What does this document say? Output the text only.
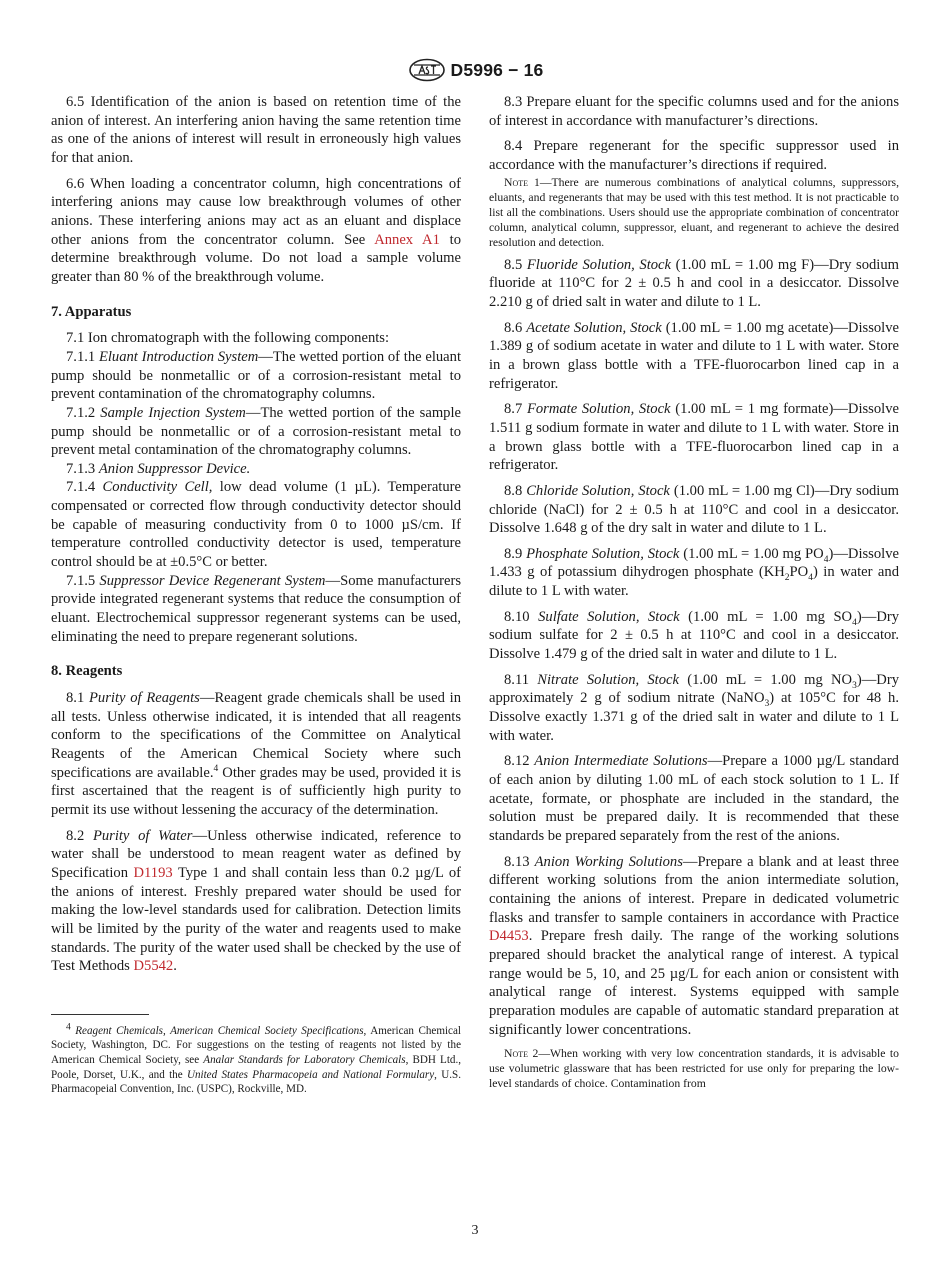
D5996 − 16

6.5 Identification of the anion is based on retention time of the anion of interest. An interfering anion having the same retention time as one of the anions of interest will result in erroneously high values for that anion.

6.6 When loading a concentrator column, high concentrations of interfering anions may cause low breakthrough volumes of other anions. These interfering anions may act as an eluant and displace other anions from the concentrator column. See Annex A1 to determine breakthrough volume. Do not load a sample volume greater than 80 % of the breakthrough volume.

7. Apparatus

7.1 Ion chromatograph with the following components:

7.1.1 Eluant Introduction System—The wetted portion of the eluant pump should be nonmetallic or of a corrosion-resistant metal to prevent contamination of the chromatography columns.

7.1.2 Sample Injection System—The wetted portion of the sample pump should be nonmetallic or of a corrosion-resistant metal to prevent metal contamination of the chromatography columns.

7.1.3 Anion Suppressor Device.

7.1.4 Conductivity Cell, low dead volume (1 µL). Temperature compensated or corrected flow through conductivity detector should be capable of measuring conductivity from 0 to 1000 µS/cm. If temperature controlled conductivity detector is used, temperature control should be at ±0.5°C or better.

7.1.5 Suppressor Device Regenerant System—Some manufacturers provide integrated regenerant systems that reduce the consumption of eluant. Electrochemical suppressor regenerant systems can be used, eliminating the need to prepare regenerant solutions.

8. Reagents

8.1 Purity of Reagents—Reagent grade chemicals shall be used in all tests. Unless otherwise indicated, it is intended that all reagents conform to the specifications of the Committee on Analytical Reagents of the American Chemical Society where such specifications are available.$^4$ Other grades may be used, provided it is first ascertained that the reagent is of sufficiently high purity to permit its use without lessening the accuracy of the determination.

8.2 Purity of Water—Unless otherwise indicated, reference to water shall be understood to mean reagent water as defined by Specification D1193 Type 1 and shall contain less than 0.2 µg/L of the anions of interest. Freshly prepared water should be used for making the low-level standards used for calibration. Detection limits will be limited by the purity of the water and reagents used to make standards. The purity of the water used shall be checked by the use of Test Methods D5542.

$^4$ Reagent Chemicals, American Chemical Society Specifications, American Chemical Society, Washington, DC. For suggestions on the testing of reagents not listed by the American Chemical Society, see Analar Standards for Laboratory Chemicals, BDH Ltd., Poole, Dorset, U.K., and the United States Pharmacopeia and National Formulary, U.S. Pharmacopeial Convention, Inc. (USPC), Rockville, MD.

8.3 Prepare eluant for the specific columns used and for the anions of interest in accordance with manufacturer’s directions.

8.4 Prepare regenerant for the specific suppressor used in accordance with the manufacturer’s directions if required.

Note 1—There are numerous combinations of analytical columns, suppressors, eluants, and regenerants that may be used with this test method. It is not practicable to list all the combinations. Users should use the appropriate combination of concentrator column, analytical column, suppressor, eluant, and regenerant to achieve the desired resolution and detection.

8.5 Fluoride Solution, Stock (1.00 mL = 1.00 mg F)—Dry sodium fluoride at 110°C for 2 ± 0.5 h and cool in a desiccator. Dissolve 2.210 g of dried salt in water and dilute to 1 L.

8.6 Acetate Solution, Stock (1.00 mL = 1.00 mg acetate)—Dissolve 1.389 g of sodium acetate in water and dilute to 1 L with water. Store in a brown glass bottle with a TFE-fluorocarbon lined cap in a refrigerator.

8.7 Formate Solution, Stock (1.00 mL = 1 mg formate)—Dissolve 1.511 g sodium formate in water and dilute to 1 L with water. Store in a brown glass bottle with a TFE-fluorocarbon lined cap in a refrigerator.

8.8 Chloride Solution, Stock (1.00 mL = 1.00 mg Cl)—Dry sodium chloride (NaCl) for 2 ± 0.5 h at 110°C and cool in a desiccator. Dissolve 1.648 g of the dry salt in water and dilute to 1 L.

8.9 Phosphate Solution, Stock (1.00 mL = 1.00 mg $PO_4)—Dissolve$ 1.433 g of potassium dihydrogen phosphate $(KH_2PO_4)$ in water and dilute to 1 L with water.

8.10 Sulfate Solution, Stock (1.00 mL = 1.00 mg $SO_4)—Dry$ sodium sulfate for 2 ± 0.5 h at 110°C and cool in a desiccator. Dissolve 1.479 g of the dried salt in water and dilute to 1 L.

8.11 Nitrate Solution, Stock (1.00 mL = 1.00 mg $NO_3)—Dry$ approximately 2 g of sodium nitrate (NaNO$_3$) at 105°C for 48 h. Dissolve exactly 1.371 g of the dried salt in water and dilute to 1 L with water.

8.12 Anion Intermediate Solutions—Prepare a 1000 µg/L standard of each anion by diluting 1.00 mL of each stock solution to 1 L. If acetate, formate, or phosphate are included in the standard, the solution must be prepared daily. It is recommended that these standards be prepared separately from the rest of the anions.

8.13 Anion Working Solutions—Prepare a blank and at least three different working solutions from the anion intermediate solution, containing the anions of interest. Prepare in dedicated volumetric flasks and transfer to sample containers in accordance with Practice D4453. Prepare fresh daily. The range of the working solutions prepared should bracket the analytical range of interest. A typical range would be 5, 10, and 25 µg/L for each anion or consistent with analytical range of interest. Systems equipped with sample preparation modules are capable of automatic standard preparation at significantly lower concentrations.

Note 2—When working with very low concentration standards, it is advisable to use volumetric glassware that has been restricted for use only for preparing the low-level standards of choice. Contamination from

3
